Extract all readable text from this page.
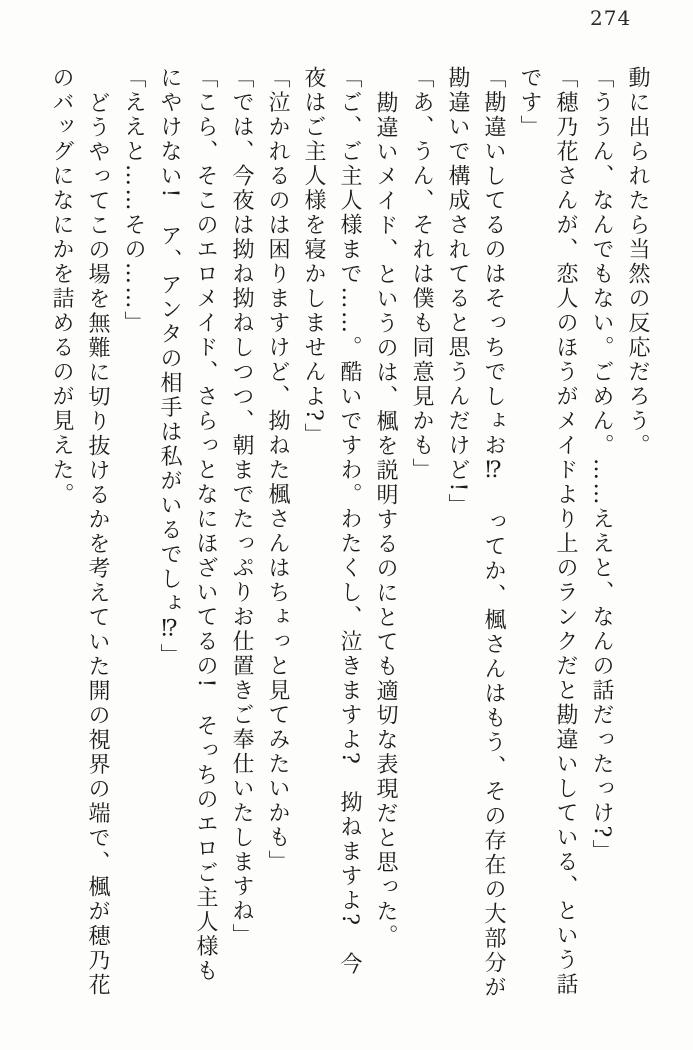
274

動に出られたら当然の反応だろう。

「ううん、なんでもない。ごめん。……ええと、なんの話だったっけ?」

「穂乃花さんが、恋人のほうがメイドより上のランクだと勘違いしている、という話

です」

「勘違いしてるのはそっちでしょお⁉　ってか、楓さんはもう、その存在の大部分が

勘違いで構成されてると思うんだけど!」

「あ、うん、それは僕も同意見かも」

勘違いメイド、というのは、楓を説明するのにとても適切な表現だと思った。

「ご、ご主人様まで……。酷いですわ。わたくし、泣きますよ?　拗ねますよ?　今

夜はご主人様を寝かしませんよ?」

「泣かれるのは困りますけど、拗ねた楓さんはちょっと見てみたいかも」

「では、今夜は拗ね拗ねしつつ、朝までたっぷりお仕置きご奉仕いたしますね」

「こら、そこのエロメイド、さらっとなにほざいてるの!　そっちのエロご主人様も

にやけない!　ア、アンタの相手は私がいるでしょ⁉」

「ええと……その……」

どうやってこの場を無難に切り抜けるかを考えていた開の視界の端で、楓が穂乃花

のバッグになにかを詰めるのが見えた。
